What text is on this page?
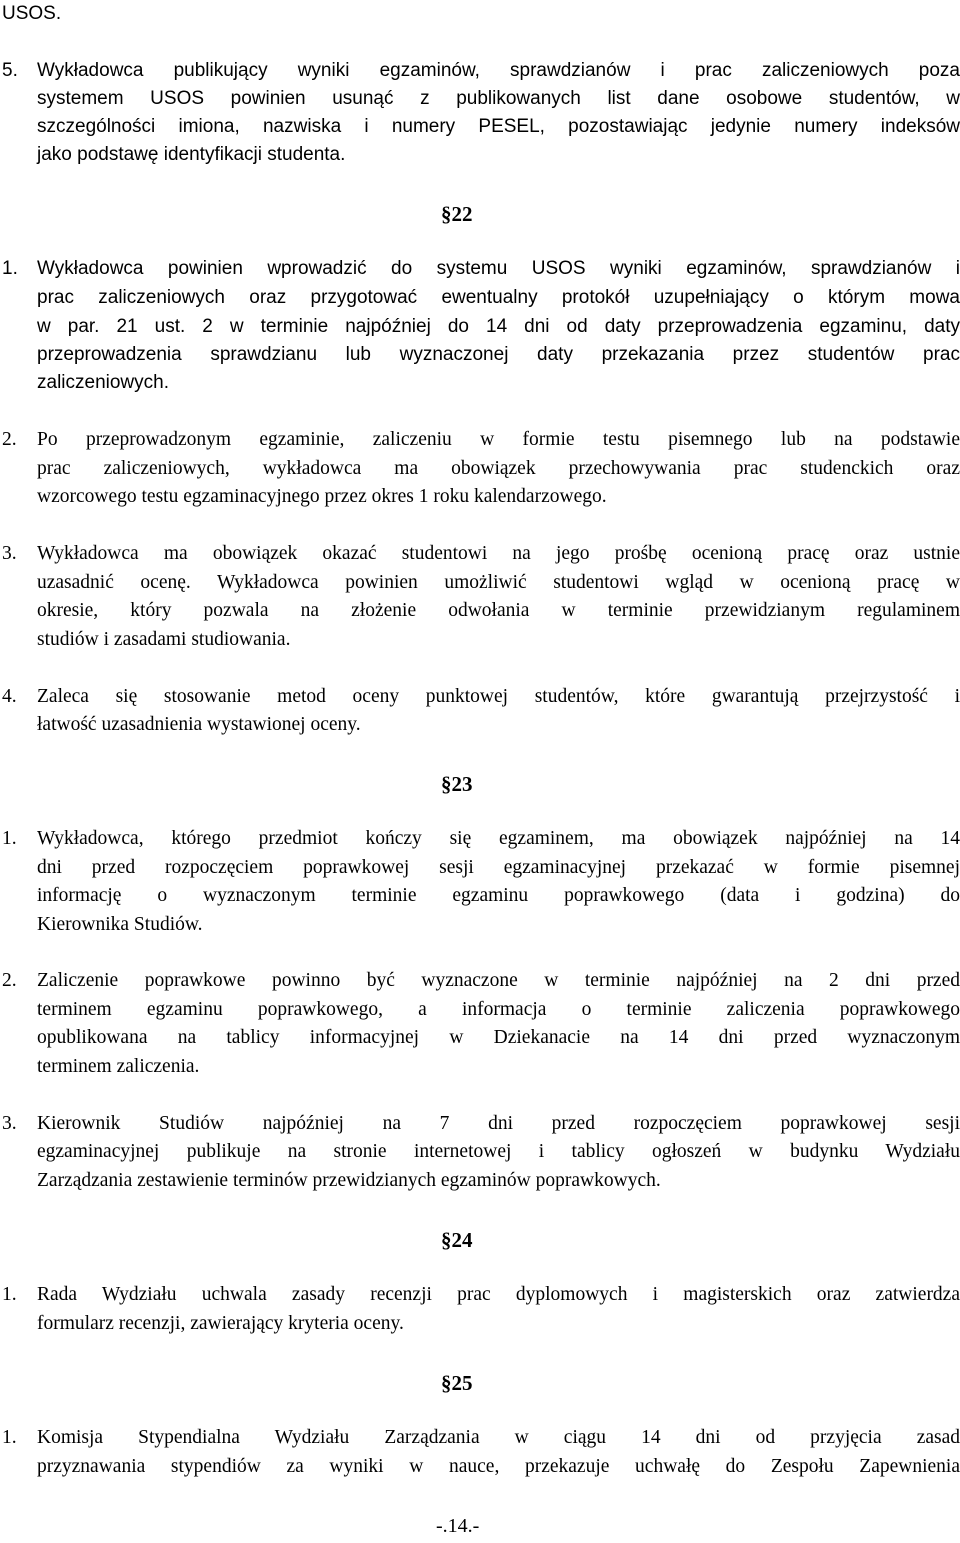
USOS.
5. Wykładowca publikujący wyniki egzaminów, sprawdzianów i prac zaliczeniowych poza
systemem USOS powinien usunąć z publikowanych list dane osobowe studentów, w
szczególności imiona, nazwiska i numery PESEL, pozostawiając jedynie numery indeksów
jako podstawę identyfikacji studenta.
§22
1. Wykładowca powinien wprowadzić do systemu USOS wyniki egzaminów, sprawdzianów i
prac zaliczeniowych oraz przygotować ewentualny protokół uzupełniający o którym mowa
w par. 21 ust. 2 w terminie najpóźniej do 14 dni od daty przeprowadzenia egzaminu, daty
przeprowadzenia sprawdzianu lub wyznaczonej daty przekazania przez studentów prac
zaliczeniowych.
2. Po przeprowadzonym egzaminie, zaliczeniu w formie testu pisemnego lub na podstawie
prac zaliczeniowych, wykładowca ma obowiązek przechowywania prac studenckich oraz
wzorcowego testu egzaminacyjnego przez okres 1 roku kalendarzowego.
3. Wykładowca ma obowiązek okazać studentowi na jego prośbę ocenioną pracę oraz ustnie
uzasadnić ocenę. Wykładowca powinien umożliwić studentowi wgląd w ocenioną pracę w
okresie, który pozwala na złożenie odwołania w terminie przewidzianym regulaminem
studiów i zasadami studiowania.
4. Zaleca się stosowanie metod oceny punktowej studentów, które gwarantują przejrzystość i
łatwość uzasadnienia wystawionej oceny.
§23
1. Wykładowca, którego przedmiot kończy się egzaminem, ma obowiązek najpóźniej na 14
dni przed rozpoczęciem poprawkowej sesji egzaminacyjnej przekazać w formie pisemnej
informację o wyznaczonym terminie egzaminu poprawkowego (data i godzina) do
Kierownika Studiów.
2. Zaliczenie poprawkowe powinno być wyznaczone w terminie najpóźniej na 2 dni przed
terminem egzaminu poprawkowego, a informacja o terminie zaliczenia poprawkowego
opublikowana na tablicy informacyjnej w Dziekanacie na 14 dni przed wyznaczonym
terminem zaliczenia.
3. Kierownik Studiów najpóźniej na 7 dni przed rozpoczęciem poprawkowej sesji
egzaminacyjnej publikuje na stronie internetowej i tablicy ogłoszeń w budynku Wydziału
Zarządzania zestawienie terminów przewidzianych egzaminów poprawkowych.
§24
1. Rada Wydziału uchwala zasady recenzji prac dyplomowych i magisterskich oraz zatwierdza
formularz recenzji, zawierający kryteria oceny.
§25
1. Komisja Stypendialna Wydziału Zarządzania w ciągu 14 dni od przyjęcia zasad
przyznawania stypendiów za wyniki w nauce, przekazuje uchwałę do Zespołu Zapewnienia
-.14.-
